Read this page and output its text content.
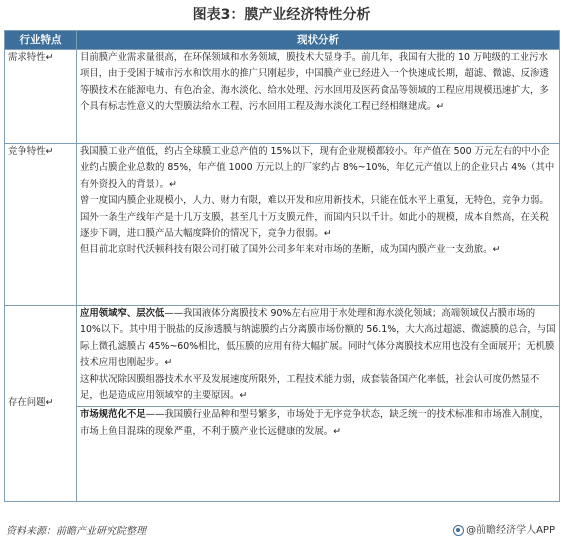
图表3：膜产业经济特性分析
行业特点	现状分析
需求特性↵	目前膜产业需求量很高，在环保领域和水务领域，膜技术大显身手。前几年，我国有大批的 10 万吨级的工业污水项目，由于受困于城市污水和饮用水的推广只刚起步，中国膜产业已经进入一个快速成长期，超滤、微滤、反渗透等膜技术在能源电力、有色冶金、海水淡化、给水处理、污水回用及医药食品等领域的工程应用规模迅速扩大，多个具有标志性意义的大型膜法给水工程、污水回用工程及海水淡化工程已经相继建成。↵

竞争特性↵	我国膜工业产值低，约占全球膜工业总产值的 15%以下，现有企业规模都较小。年产值在 500 万元左右的中小企业约占膜企业总数的 85%，年产值 1000 万元以上的厂家约占 8%~10%，年亿元产值以上的企业只占 4%（其中有外资投入的背景）。↵

曾一度国内膜企业规模小，人力、财力有限，难以开发和应用新技术，只能在低水平上重复，无特色，竞争力弱。国外一条生产线年产是十几万支膜，甚至几十万支膜元件，而国内只以千计。如此小的规模，成本自然高，在关税逐步下调，进口膜产品大幅度降价的情况下，竞争力很弱。↵

但目前北京时代沃顿科技有限公司打破了国外公司多年来对市场的垄断，成为国内膜产业一支劲旅。↵

存在问题↵	应用领域窄、层次低——我国液体分离膜技术 90%左右应用于水处理和海水淡化领域；高端领域仅占膜市场的 10%以下。其中用于脱盐的反渗透膜与纳滤膜约占分离膜市场份额的 56.1%，大大高过超滤、微滤膜的总合，与国际上微孔滤膜占 45%~60%相比，低压膜的应用有待大幅扩展。同时气体分离膜技术应用也没有全面展开；无机膜技术应用也刚起步。↵

这种状况除因膜组器技术水平及发展速度所限外，工程技术能力弱，成套装备国产化率低，社会认可度仍然显不足，也是造成应用领域窄的主要原因。↵

市场规范化不足——我国膜行业品种和型号繁多，市场处于无序竞争状态，缺乏统一的技术标准和市场准入制度，市场上鱼目混珠的现象严重，不利于膜产业长远健康的发展。↵

资料来源：前瞻产业研究院整理	@前瞻经济学人APP
